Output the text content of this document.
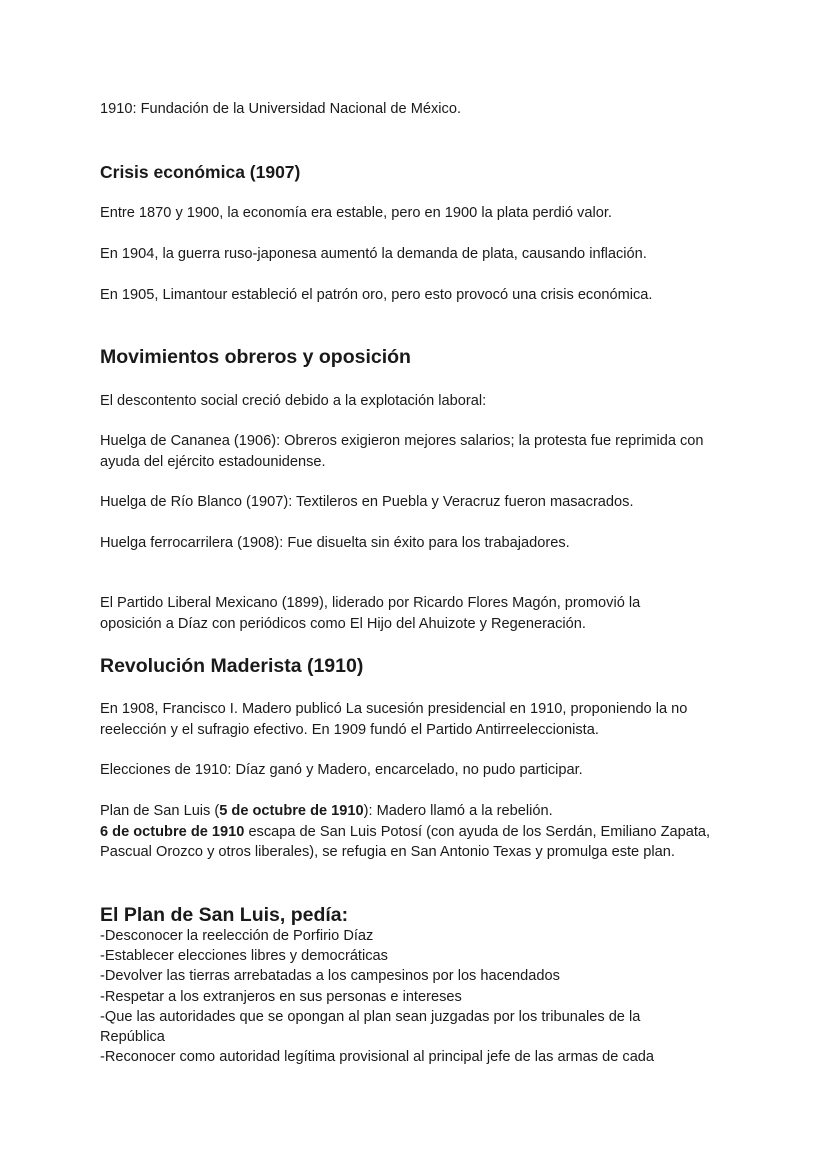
1910: Fundación de la Universidad Nacional de México.

Crisis económica (1907)

Entre 1870 y 1900, la economía era estable, pero en 1900 la plata perdió valor.

En 1904, la guerra ruso-japonesa aumentó la demanda de plata, causando inflación.

En 1905, Limantour estableció el patrón oro, pero esto provocó una crisis económica.

Movimientos obreros y oposición

El descontento social creció debido a la explotación laboral:

Huelga de Cananea (1906): Obreros exigieron mejores salarios; la protesta fue reprimida con ayuda del ejército estadounidense.

Huelga de Río Blanco (1907): Textileros en Puebla y Veracruz fueron masacrados.

Huelga ferrocarrilera (1908): Fue disuelta sin éxito para los trabajadores.

El Partido Liberal Mexicano (1899), liderado por Ricardo Flores Magón, promovió la oposición a Díaz con periódicos como El Hijo del Ahuizote y Regeneración.

Revolución Maderista (1910)

En 1908, Francisco I. Madero publicó La sucesión presidencial en 1910, proponiendo la no reelección y el sufragio efectivo. En 1909 fundó el Partido Antirreeleccionista.

Elecciones de 1910: Díaz ganó y Madero, encarcelado, no pudo participar.

Plan de San Luis (5 de octubre de 1910): Madero llamó a la rebelión.
6 de octubre de 1910 escapa de San Luis Potosí (con ayuda de los Serdán, Emiliano Zapata, Pascual Orozco y otros liberales), se refugia en San Antonio Texas y promulga este plan.

El Plan de San Luis, pedía:
-Desconocer la reelección de Porfirio Díaz
-Establecer elecciones libres y democráticas
-Devolver las tierras arrebatadas a los campesinos por los hacendados
-Respetar a los extranjeros en sus personas e intereses
-Que las autoridades que se opongan al plan sean juzgadas por los tribunales de la República
-Reconocer como autoridad legítima provisional al principal jefe de las armas de cada
